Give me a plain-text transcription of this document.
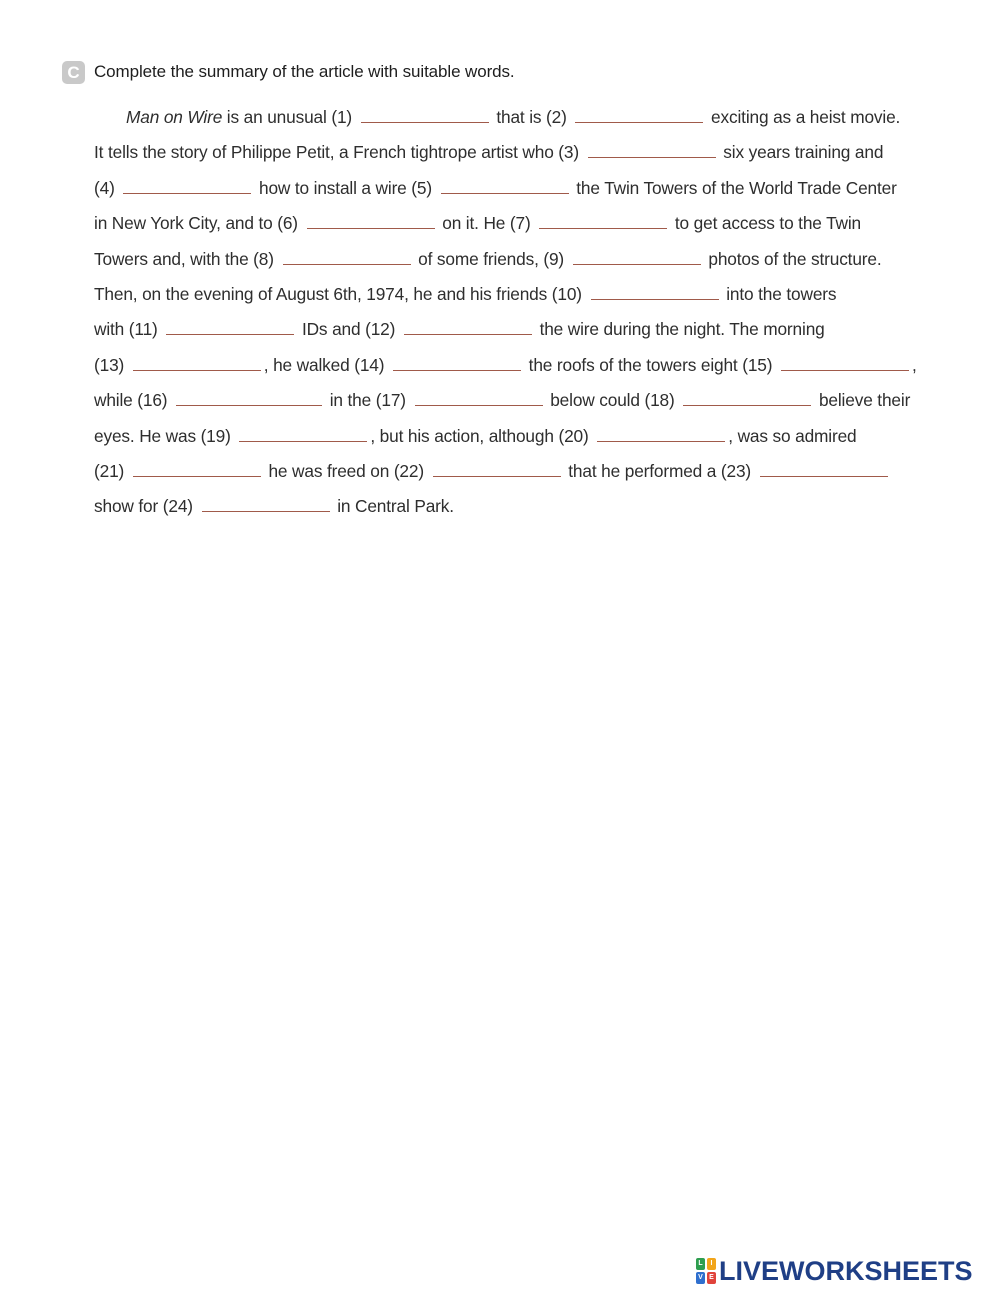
C Complete the summary of the article with suitable words.
Man on Wire is an unusual (1)	that is (2)	exciting as a heist movie.
It tells the story of Philippe Petit, a French tightrope artist who (3)	six years training and
(4)	how to install a wire (5)	the Twin Towers of the World Trade Center
in New York City, and to (6)	on it. He (7)	to get access to the Twin
Towers and, with the (8)	of some friends, (9)	photos of the structure.
Then, on the evening of August 6th, 1974, he and his friends (10)	into the towers
with (11)	IDs and (12)	the wire during the night. The morning
(13)	, he walked (14)	the roofs of the towers eight (15)	,
while (16)	in the (17)	below could (18)	believe their
eyes. He was (19)	, but his action, although (20)	, was so admired
(21)	he was freed on (22)	that he performed a (23)
show for (24)	in Central Park.
L	I
V E LIVEWORKSHEETS
